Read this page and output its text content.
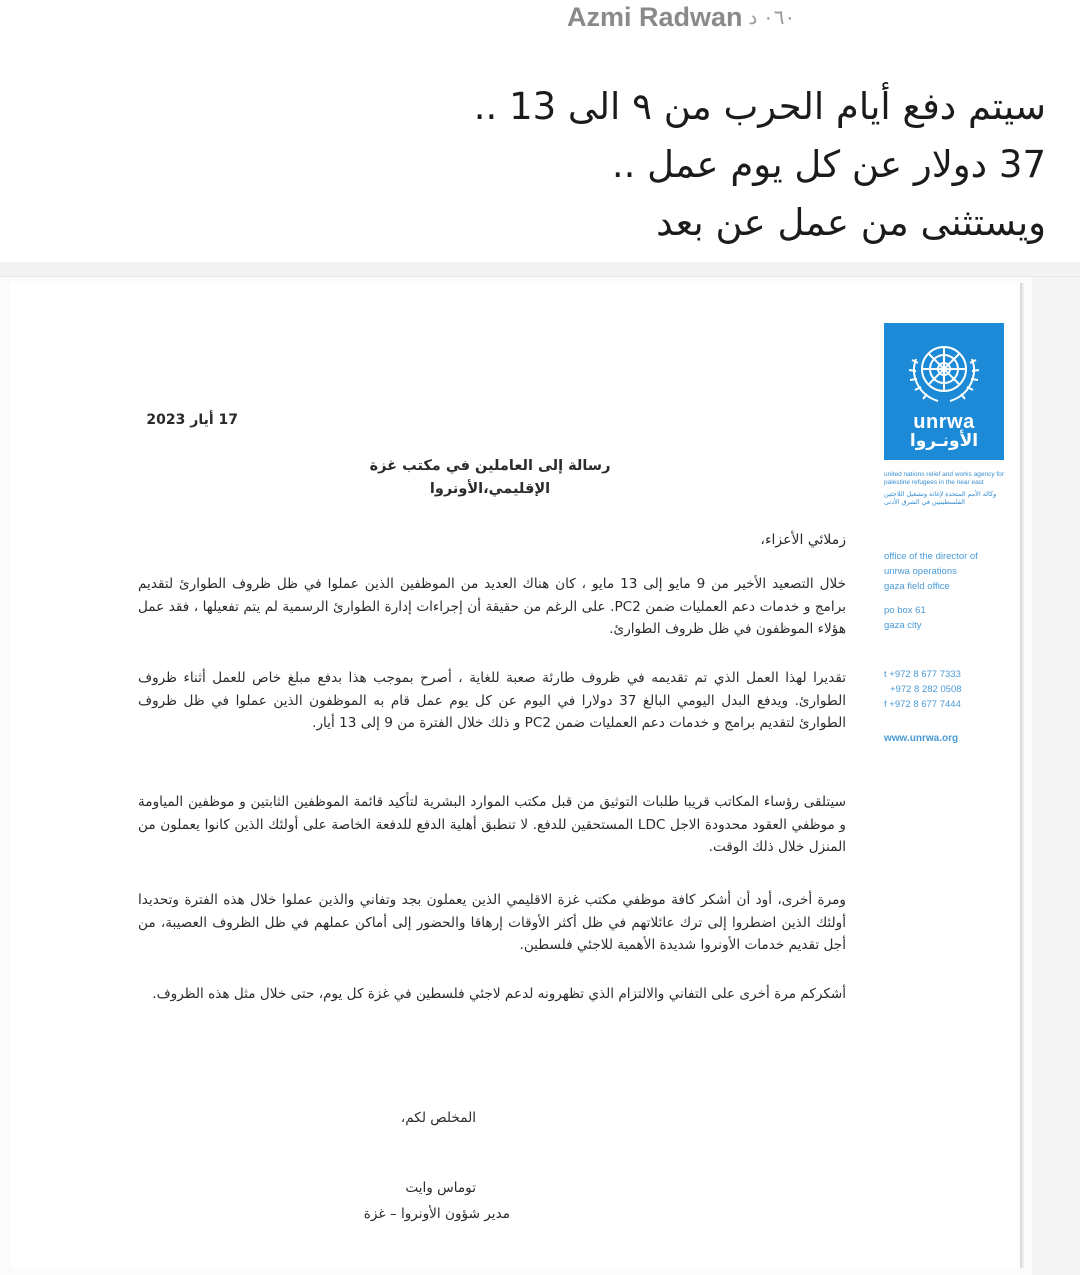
Azmi Radwan ٠٦٠ د
سيتم دفع أيام الحرب من ٩ الى 13 ..
37 دولار عن كل يوم عمل ..
ويستثنى من عمل عن بعد
unrwa
الأونـروا
united nations relief and works agency for palestine refugees in the near east
وكالة الأمم المتحدة لإغاثة وتشغيل اللاجئين الفلسطينيين في الشرق الأدنى
office of the director of
unrwa operations
gaza field office
po box 61
gaza city
t +972 8 677 7333
+972 8 282 0508
f +972 8 677 7444
www.unrwa.org
17 أيار 2023
رسالة إلى العاملين في مكتب غزة الإقليمي،الأونروا
زملائي الأعزاء،
خلال التصعيد الأخير من 9 مايو إلى 13 مايو ، كان هناك العديد من الموظفين الذين عملوا في ظل ظروف الطوارئ لتقديم برامج و خدمات دعم العمليات ضمن PC2. على الرغم من حقيقة أن إجراءات إدارة الطوارئ الرسمية لم يتم تفعيلها ، فقد عمل هؤلاء الموظفون في ظل ظروف الطوارئ.
تقديرا لهذا العمل الذي تم تقديمه في ظروف طارئة صعبة للغاية ، أصرح بموجب هذا بدفع مبلغ خاص للعمل أثناء ظروف الطوارئ. ويدفع البدل اليومي البالغ 37 دولارا في اليوم عن كل يوم عمل قام به الموظفون الذين عملوا في ظل ظروف الطوارئ لتقديم برامج و خدمات دعم العمليات ضمن PC2 و ذلك خلال الفترة من 9 إلى 13 أيار.
سيتلقى رؤساء المكاتب قريبا طلبات التوثيق من قبل مكتب الموارد البشرية لتأكيد قائمة الموظفين الثابتين و موظفين المياومة و موظفي العقود محدودة الاجل LDC المستحقين للدفع. لا تنطبق أهلية الدفع للدفعة الخاصة على أولئك الذين كانوا يعملون من المنزل خلال ذلك الوقت.
ومرة أخرى، أود أن أشكر كافة موظفي مكتب غزة الاقليمي الذين يعملون بجد وتفاني والذين عملوا خلال هذه الفترة وتحديدا أولئك الذين اضطروا إلى ترك عائلاتهم في ظل أكثر الأوقات إرهاقا والحضور إلى أماكن عملهم في ظل الظروف العصيبة، من أجل تقديم خدمات الأونروا شديدة الأهمية للاجئي فلسطين.
أشكركم مرة أخرى على التفاني والالتزام الذي تظهرونه لدعم لاجئي فلسطين في غزة كل يوم، حتى خلال مثل هذه الظروف.
المخلص لكم،
توماس وايت
مدير شؤون الأونروا – غزة
